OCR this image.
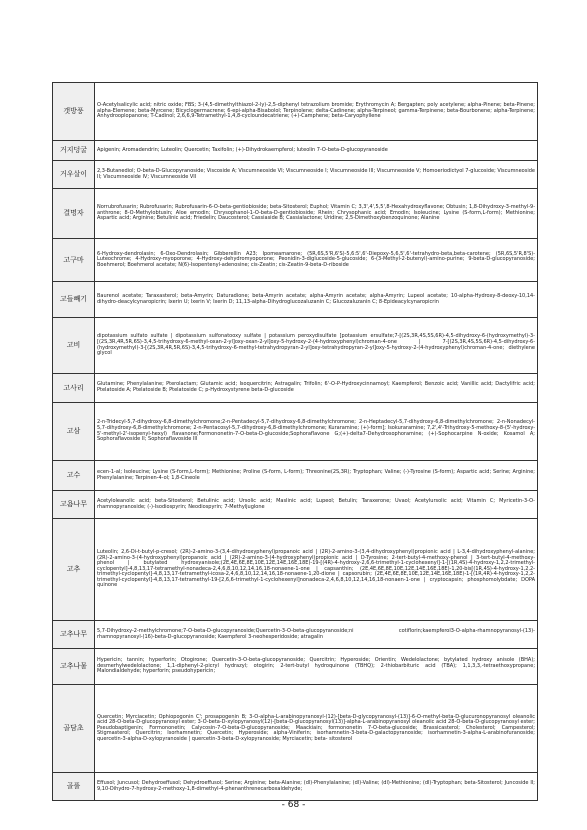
갯방풍	O-Acetylsalicylic acid; nitric oxide; FBS; 3-(4,5-dimethylthiazol-2-ly)-2,5-diphenyl tetrazolium bromide; Erythromycin A; Bergapten; poly acetylene; alpha-Pinene; beta-Pinene; alpha-Elemene; beta-Myrcene; Bicyclogermacrene; 6-epi-alpha-Bisabolol; Terpinolene; delta-Cadinene; alpha-Terpineol; gamma-Terpinene; beta-Bourbonene; alpha-Terpinene; Anhydrooplopanone; T-Cadinol; 2,6,6,9-Tetramethyl-1,4,8-cycloundecatriene; (+)-Camphene; beta-Caryophyllene
거지덩굴	Apigenin; Aromadendrin; Luteolin; Quercetin; Taxifolin; (+)-Dihydrokaempferol; luteolin 7-O-beta-D-glucopyranoside
거우살이	2,3-Butanediol; O-beta-D-Glucopyranoside; Viscoside A; Viscumneoside VI; Viscumneoside I; Viscumneoside III; Viscumneoside V; Homoeriodictyol 7-glucoside; Viscumneoside II; Viscumneoside IV; Viscumneoside VII
결명자	Norrubrofusarin; Rubrofusarin; Rubrofusarin-6-O-beta-gentiobioside; beta-Sitosterol; Euphol; Vitamin C; 3,3',4',5,5',8-Hexahydroxyflavone; Obtusin; 1,8-Dihydroxy-3-methyl-9-anthrone; 8-O-Methylobtusin; Aloe emodin; Chrysophanol-1-O-beta-D-gentiobioside; Rhein; Chrysophanic acid; Emodin; Isoleucine; Lysine (S-form,L-form); Methionine; Aspartic acid; Arginine; Betulinic acid; Friedelin; Daucosterol; Cassiaside B; Cassialactone; Uridine; 2,5-Dimethoxybenzoquinone; Alanine
고구마	6-Hydroxy-dendrolasin; 6-Oxo-Dendrolasin; Gibberellin A23; Ipomeamarone; (5R,6S,5'R,6'S)-5,6:5',6'-Diepoxy-5,6,5',6'-tetrahydro-beta,beta-carotene; (5R,6S,5'R,8'S)-Luteochrome; 4-Hydroxy-myoporone; 4-Hydroxy-dehydromyoporone; Peonidin-3-diglucoside-5-glucoside; 6-(3-Methyl-2-butenyl)-amino-purine; 9-beta-D-glucopyranoside; Boehmerol; Boehmerol acetate; N(6)-Isopentenyl-adenosine; cis-Zeatin; cis-Zeatin-9-beta-D-riboside
고들빼기	Baurenol acetate; Taraxasterol; beta-Amyrin; Daturadione; beta-Amyrin acetate; alpha-Amyrin acetate; alpha-Amyrin; Lupeol acetate; 10-alpha-Hydroxy-8-deoxy-10,14-dihydro-deacylcynaropicrin; Ixerin U; Ixerin V; Ixerin D; 11,13-alpha-Dihydroglucozaluzanin C; Glucozaluzanin C; 8-Epideacylcynaropicrin
고비	dipotassium sulfato sulfate | dipotassium sulfonatooxy sulfate | potassium peroxydisulfate [potassium ersulfate;7-[(2S,3R,4S,5S,6R)-4,5-dihydroxy-6-(hydroxymethyl)-3-[(2S,3R,4R,5R,6S)-3,4,5-trihydroxy-6-methyl-oxan-2-yl]oxy-oxan-2-yl]oxy-5-hydroxy-2-(4-hydroxyphenyl)chroman-4-one | 7-[(2S,3R,4S,5S,6R)-4,5-dihydroxy-6-(hydroxymethyl)-3-[(2S,3R,4R,5R,6S)-3,4,5-trihydroxy-6-methyl-tetrahydropyran-2-yl]oxy-tetrahydropyran-2-yl]oxy-5-hydroxy-2-(4-hydroxyphenyl)chroman-4-one; diethylene glycol
고사리	Glutamine; Phenylalanine; Pterolactam; Glutamic acid; Isoquercitrin; Astragalin; Trifolin; 6'-O-P-Hydroxycinnamoyl; Kaempferol; Benzoic acid; Vanillic acid; Dactylifric acid; Ptelatoside A; Ptelatoside B; Ptelatoside C; p-Hydroxystyrene beta-D-glucoside
고삼	2-n-Tridecyl-5,7-dihydroxy-6,8-dimethylchromone;2-n-Pentadecyl-5,7-dihydroxy-6,8-dimethylchromone; 2-n-Heptadecyl-5,7-dihydroxy-6,8-dimethylchromone; 2-n-Nonadecyl-5,7-dihydroxy-6,8-dimethylchromone; 2-n-Pentacosyl-5,7-dihydroxy-6,8-dimethylchromone; Kuraramine; (+)-form]; Isokuraramine; 7,2',4'-Trihydroxy-5-methoxy-8-(5'-hydroxy-5'-methyl-2'-isopenyl-hexyl) flavanone;Formononetin-7-O-beta-D-glucoside;Sophoraflavone G;(+)-delta7-Dehydrosophoramine; (+)-Sophocarpine N-oxide; Kosamol A; Sophoraflavoside II; Sophoraflavoside III
고수	ecen-1-al; Isoleucine; Lysine (S-form,L-form); Methionine; Proline (S-form, L-form); Threonine(2S,3R); Tryptophan; Valine; (-)-Tyrosine (S-form); Aspartic acid; Serine; Arginine; Phenylalanine; Terpinen-4-ol; 1,8-Cineole
고욤나무	Acetyloleanolic acid; beta-Sitosterol; Betulinic acid; Ursolic acid; Maslinic acid; Lupeol; Betulin; Taraxerone; Uvaol; Acetylursolic acid; Vitamin C; Myricetin-3-O-rhamnopyranoside; (-)-Isodiospyrin; Neodiospyrin; 7-Methyljuglone
고추	Luteolin; 2,6-Di-t-butyl-p-cresol; (2R)-2-amino-3-(3,4-dihydroxyphenyl)propanoic acid | (2R)-2-amino-3-(3,4-dihydroxyphenyl)propionic acid | L-3,4-dihydroxyphenyl-alanine; (2R)-2-amino-3-(4-hydroxyphenyl)propanoic acid | (2R)-2-amino-3-(4-hydroxyphenyl)propionic acid | D-Tyrosine; 2-tert-butyl-4-methoxy-phenol | 3-tert-butyl-4-methoxy-phenol | butylated hydroxyanisole;(2E,4E,6E,8E,10E,12E,14E,16E,18E)-19-[(4R)-4-hydroxy-2,6,6-trimethyl-1-cyclohexenyl]-1-[(1R,4S)-4-hydroxy-1,2,2-trimethyl-cyclopentyl]-4,8,13,17-tetramethyl-nonadeca-2,4,6,8,10,12,14,16,18-nonaene-1-one | capsanthin; (2E,4E,6E,8E,10E,12E,14E,16E,18E)-1,20-bis[(1R,4S)-4-hydroxy-1,2,2-trimethyl-cyclopentyl]-4,8,13,17-tetramethyl-icosa-2,4,6,8,10,12,14,16,18-nonaene-1,20-dione | capsorubin; (2E,4E,6E,8E,10E,12E,14E,16E,18E)-1-[(1R,4R)-4-hydroxy-1,2,2-trimethyl-cyclopentyl]-4,8,13,17-tetramethyl-19-[2,6,6-trimethyl-1-cyclohexenyl]nonadeca-2,4,6,8,10,12,14,16,18-nonaen-1-one | cryptocapsin; phosphomolybdate; DOPA quinone
고추나무	5,7-Dihydroxy-2-methylchromone;7-O-beta-D-glucopyranoside;Quercetin-3-O-beta-glucopyranoside;ni cotiflorin;kaempferol3-O-alpha-rhamnopyranosyl-(13)-rhamnopyranosyl-(16)-beta-D-glucopyranoside; Kaempferol 3-neohesperidoside; atragalin
고추나물	Hypericin; tannin; hyperforin; Otogirone; Quercetin-3-O-beta-glucopyranoside; Quercitrin; Hyperoside; Orientin; Wedelolactone; bytylated hydroxy anisole (BHA); desmerhylwedelolactone; 1,1-diphenyl-2-picryl hydrazyl; otogirin; 2-tert-butyl hydroquinone (TBHQ); 2-thiobarbituric acid (TBA); 1,1,3,3,-tetraethoxypropane; Malondialdehyde; hyperforin; pseudohypericin;
골담초	Quercetin; Myrciacetin; Ophiopogonin C'; prosapogenin B; 3-O-alpha-L-arabinopyranosyl-(12)-[beta-D-glycopyranosyl-(13)]-6-O-methyl-beta-D-glucuronopyranosyl oleanolic acid 28-O-beta-D-glucopyranosyl ester; 3-O-beta-D-xylopyranosyl(12)-[beta-D-glucopyranosyl(13)]-alpha-L-arabinopyranosyl oleanolic acid 28-O-beta-D-glucopyranosyl ester; Pseudobaptigenin; Formononetin; Calycosin-7-O-beta-D-glucopyranoside; Maackiain; formononetin 7-O-beta-glucoside; Brassicasterol; Cholesterol; Campesterol; Stigmasterol; Quercitrin; Isorhamnetin; Quercetin; Hyperoside; alpha-Viniferin; isorhamnetin-3-beta-D-galactopyranoside; isorhamnetin-3-alpha-L-arabinofuranoside; quercetin-3-alpha-D-xylopyranoside | quercetin-3-beta-D-xylopyranoside; Myrciacetin; beta- sitosterol
골풀	Effusol; Juncusol; Dehydroeffusol; Dehydroeffusol; Serine; Arginine; beta-Alanine; (dl)-Phenylalanine; (dl)-Valine; (dl)-Methionine; (dl)-Tryptophan; beta-Sitosterol; Juncoside II; 9,10-Dihydro-7-hydroxy-2-methoxy-1,8-dimethyl-4-phenanthrenecarboxaldehyde;
- 68 -
